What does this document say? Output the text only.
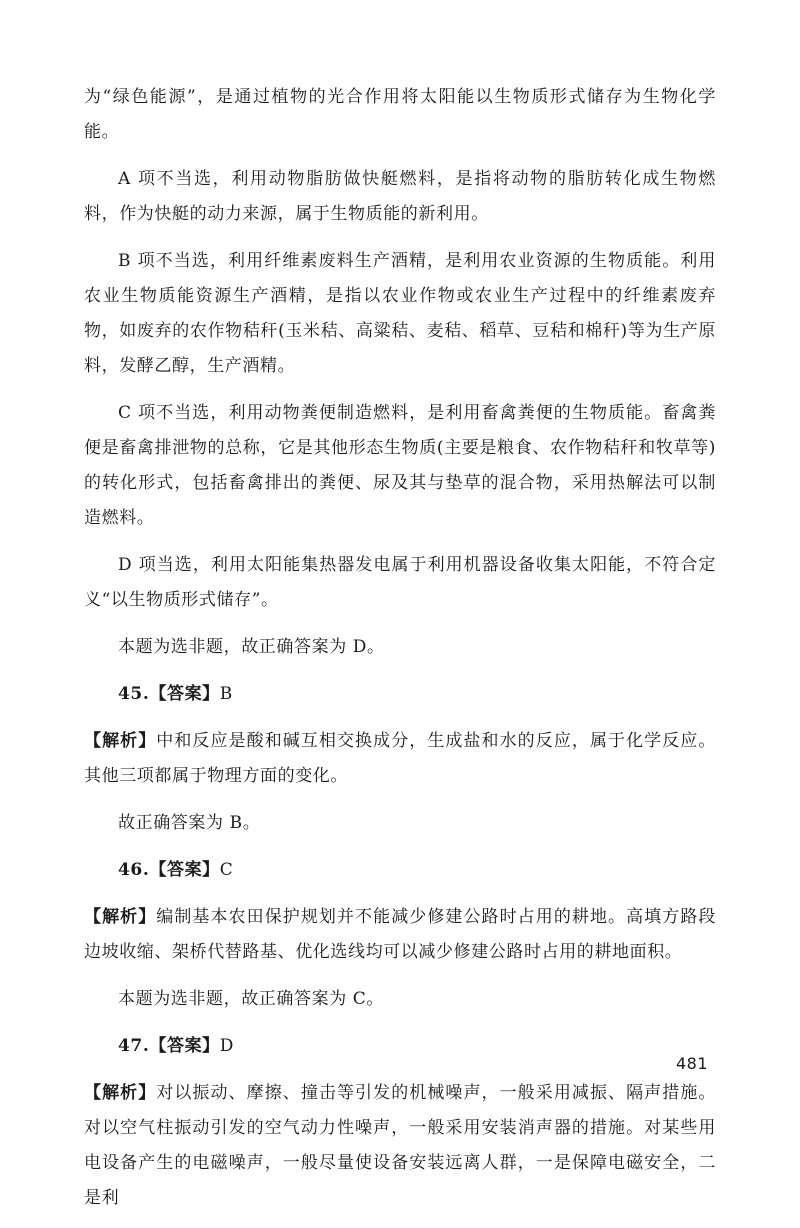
为“绿色能源”，是通过植物的光合作用将太阳能以生物质形式储存为生物化学能。

A 项不当选，利用动物脂肪做快艇燃料，是指将动物的脂肪转化成生物燃料，作为快艇的动力来源，属于生物质能的新利用。

B 项不当选，利用纤维素废料生产酒精，是利用农业资源的生物质能。利用农业生物质能资源生产酒精，是指以农业作物或农业生产过程中的纤维素废弃物，如废弃的农作物秸秆(玉米秸、高粱秸、麦秸、稻草、豆秸和棉秆)等为生产原料，发酵乙醇，生产酒精。

C 项不当选，利用动物粪便制造燃料，是利用畜禽粪便的生物质能。畜禽粪便是畜禽排泄物的总称，它是其他形态生物质(主要是粮食、农作物秸秆和牧草等)的转化形式，包括畜禽排出的粪便、尿及其与垫草的混合物，采用热解法可以制造燃料。

D 项当选，利用太阳能集热器发电属于利用机器设备收集太阳能，不符合定义“以生物质形式储存”。

本题为选非题，故正确答案为 D。

45.【答案】B

【解析】中和反应是酸和碱互相交换成分，生成盐和水的反应，属于化学反应。其他三项都属于物理方面的变化。

故正确答案为 B。

46.【答案】C

【解析】编制基本农田保护规划并不能减少修建公路时占用的耕地。高填方路段边坡收缩、架桥代替路基、优化选线均可以减少修建公路时占用的耕地面积。

本题为选非题，故正确答案为 C。

47.【答案】D

【解析】对以振动、摩擦、撞击等引发的机械噪声，一般采用减振、隔声措施。对以空气柱振动引发的空气动力性噪声，一般采用安装消声器的措施。对某些用电设备产生的电磁噪声，一般尽量使设备安装远离人群，一是保障电磁安全，二是利

481
